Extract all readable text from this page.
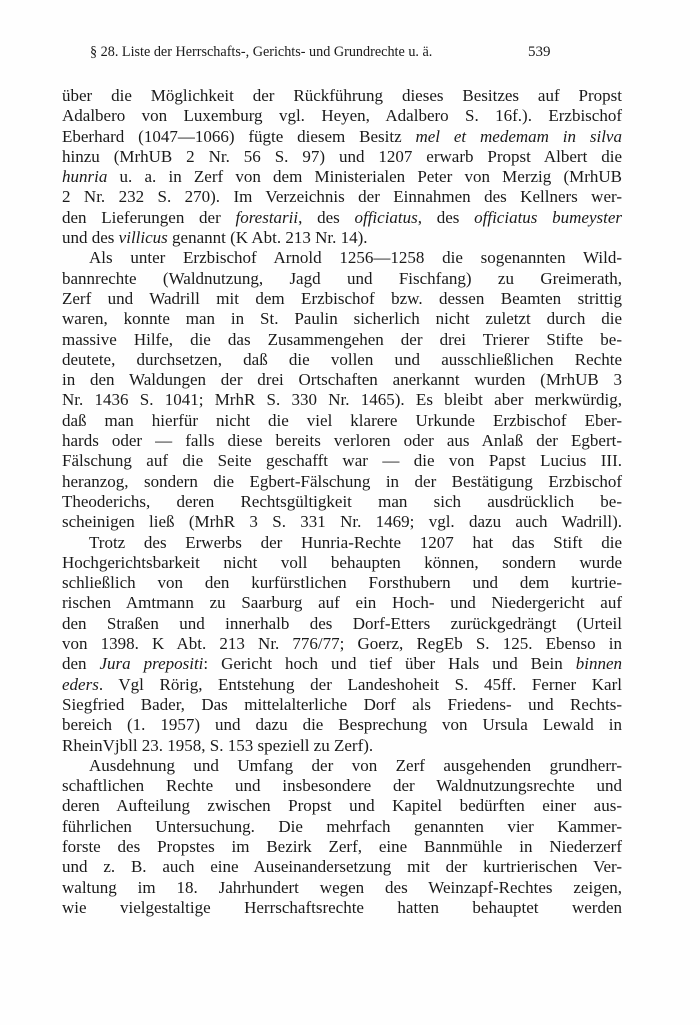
§ 28. Liste der Herrschafts-, Gerichts- und Grundrechte u. ä.	539
über die Möglichkeit der Rückführung dieses Besitzes auf Propst
Adalbero von Luxemburg vgl. Heyen, Adalbero S. 16f.). Erzbischof
Eberhard (1047—1066) fügte diesem Besitz mel et medemam in silva
hinzu (MrhUB 2 Nr. 56 S. 97) und 1207 erwarb Propst Albert die
hunria u. a. in Zerf von dem Ministerialen Peter von Merzig (MrhUB
2 Nr. 232 S. 270). Im Verzeichnis der Einnahmen des Kellners wer-
den Lieferungen der forestarii, des officiatus, des officiatus bumeyster
und des villicus genannt (K Abt. 213 Nr. 14).
Als unter Erzbischof Arnold 1256—1258 die sogenannten Wild-
bannrechte (Waldnutzung, Jagd und Fischfang) zu Greimerath,
Zerf und Wadrill mit dem Erzbischof bzw. dessen Beamten strittig
waren, konnte man in St. Paulin sicherlich nicht zuletzt durch die
massive Hilfe, die das Zusammengehen der drei Trierer Stifte be-
deutete, durchsetzen, daß die vollen und ausschließlichen Rechte
in den Waldungen der drei Ortschaften anerkannt wurden (MrhUB 3
Nr. 1436 S. 1041; MrhR S. 330 Nr. 1465). Es bleibt aber merkwürdig,
daß man hierfür nicht die viel klarere Urkunde Erzbischof Eber-
hards oder — falls diese bereits verloren oder aus Anlaß der Egbert-
Fälschung auf die Seite geschafft war — die von Papst Lucius III.
heranzog, sondern die Egbert-Fälschung in der Bestätigung Erzbischof
Theoderichs, deren Rechtsgültigkeit man sich ausdrücklich be-
scheinigen ließ (MrhR 3 S. 331 Nr. 1469; vgl. dazu auch Wadrill).
Trotz des Erwerbs der Hunria-Rechte 1207 hat das Stift die
Hochgerichtsbarkeit nicht voll behaupten können, sondern wurde
schließlich von den kurfürstlichen Forsthubern und dem kurtrie-
rischen Amtmann zu Saarburg auf ein Hoch- und Niedergericht auf
den Straßen und innerhalb des Dorf-Etters zurückgedrängt (Urteil
von 1398. K Abt. 213 Nr. 776/77; Goerz, RegEb S. 125. Ebenso in
den Jura prepositi: Gericht hoch und tief über Hals und Bein binnen
eders. Vgl Rörig, Entstehung der Landeshoheit S. 45ff. Ferner Karl
Siegfried Bader, Das mittelalterliche Dorf als Friedens- und Rechts-
bereich (1. 1957) und dazu die Besprechung von Ursula Lewald in
RheinVjbll 23. 1958, S. 153 speziell zu Zerf).
Ausdehnung und Umfang der von Zerf ausgehenden grundherr-
schaftlichen Rechte und insbesondere der Waldnutzungsrechte und
deren Aufteilung zwischen Propst und Kapitel bedürften einer aus-
führlichen Untersuchung. Die mehrfach genannten vier Kammer-
forste des Propstes im Bezirk Zerf, eine Bannmühle in Niederzerf
und z. B. auch eine Auseinandersetzung mit der kurtrierischen Ver-
waltung im 18. Jahrhundert wegen des Weinzapf-Rechtes zeigen,
wie vielgestaltige Herrschaftsrechte hatten behauptet werden
